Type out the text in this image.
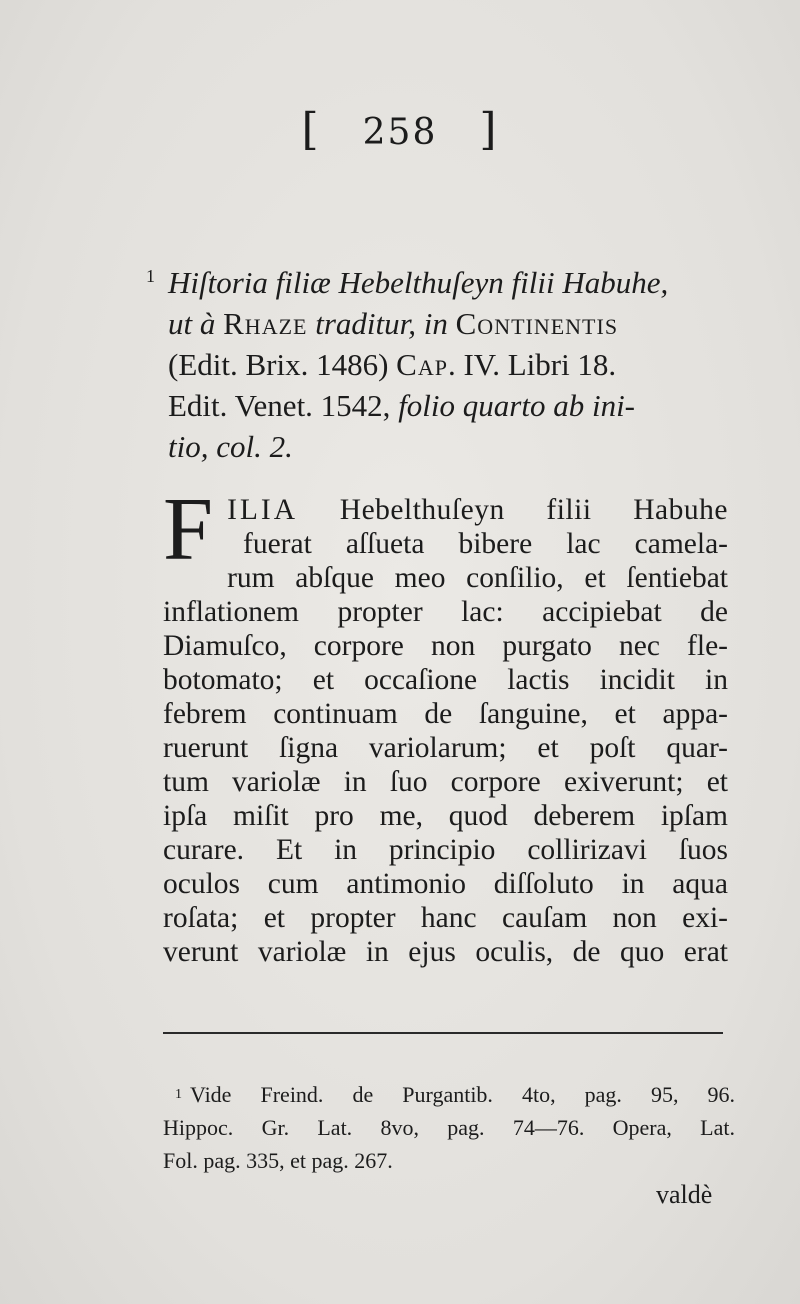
[ 258 ]
1 Hiſtoria filiæ Hebelthuſeyn filii Habuhe,
ut à Rhaze traditur, in Continentis
(Edit. Brix. 1486) Cap. IV. Libri 18.
Edit. Venet. 1542, folio quarto ab ini-
tio, col. 2.
F ILIA Hebelthuſeyn filii Habuhe
fuerat aſſueta bibere lac camela-
rum abſque meo conſilio, et ſentiebat
inflationem propter lac: accipiebat de
Diamuſco, corpore non purgato nec fle-
botomato; et occaſione lactis incidit in
febrem continuam de ſanguine, et appa-
ruerunt ſigna variolarum; et poſt quar-
tum variolæ in ſuo corpore exiverunt; et
ipſa miſit pro me, quod deberem ipſam
curare. Et in principio collirizavi ſuos
oculos cum antimonio diſſoluto in aqua
roſata; et propter hanc cauſam non exi-
verunt variolæ in ejus oculis, de quo erat
$^1$ Vide Freind. de Purgantib. 4to, pag. 95, 96.
Hippoc. Gr. Lat. 8vo, pag. 74—76. Opera, Lat.
Fol. pag. 335, et pag. 267.
valdè
